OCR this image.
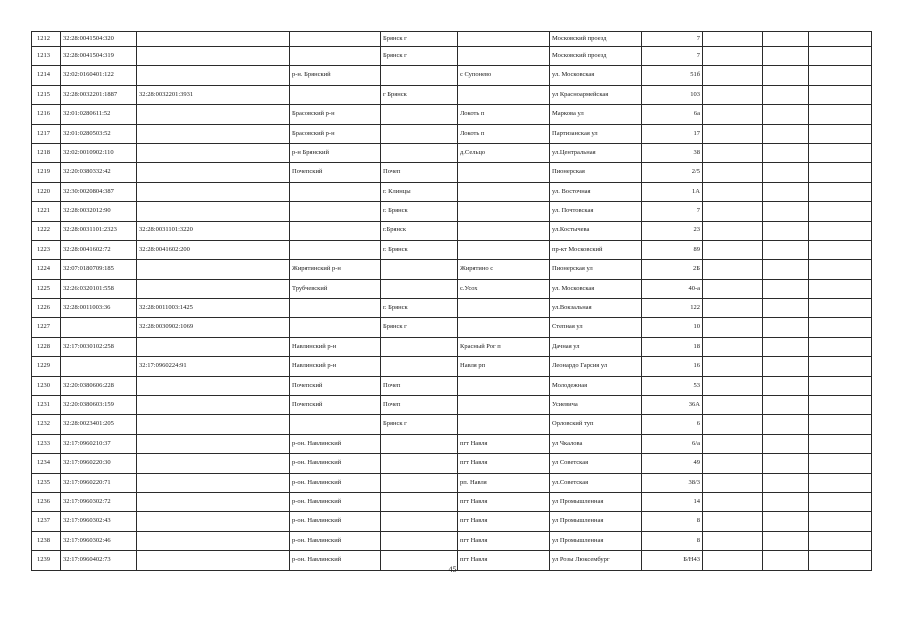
1212	32:28:0041504:320			Брянск г		Московский проезд	7			
1213	32:28:0041504:319			Брянск г		Московский проезд	7			
1214	32:02:0160401:122		р-н. Брянский		с Супонево	ул. Московская	51б			
1215	32:28:0032201:1887	32:28:0032201:3931		г Брянск		ул Красноармейская	103			
1216	32:01:0280611:52		Брасовский р-н		Локоть п	Маркова ул	6а			
1217	32:01:0280503:52		Брасовский р-н		Локоть п	Партизанская ул	17			
1218	32:02:0010902:110		р-н Брянский		д.Сельцо	ул.Центральная	38			
1219	32:20:0380332:42		Почепский	Почеп		Пионерская	2/5			
1220	32:30:0020804:387			г. Клинцы		ул. Восточная	1А			
1221	32:28:0032012:90			г. Брянск		ул. Почтовская	7			
1222	32:28:0031101:2323	32:28:0031101:3220		г.Брянск		ул.Костычева	23			
1223	32:28:0041602:72	32:28:0041602:200		г. Брянск		пр-кт Московский	89			
1224	32:07:0180709:185		Жирятинский р-н		Жирятино с	Пионерская ул	2Б			
1225	32:26:0320101:558		Трубчевский		с.Усох	ул. Московская	40-а			
1226	32:28:0011003:36	32:28:0011003:1425		г. Брянск		ул.Вокзальная	122			
1227		32:28:0030902:1069		Брянск г		Степная ул	10			
1228	32:17:0030102:258		Навлинский р-н		Красный Рог п	Дачная ул	18			
1229		32:17:0960224:91	Навлинский р-н		Навля рп	Леонардо Гарсия ул	16			
1230	32:20:0380606:228		Почепский	Почеп		Молодежная	53			
1231	32:20:0380603:159		Почепский	Почеп		Усиевича	36А			
1232	32:28:0023401:205			Брянск г		Орловский туп	6			
1233	32:17:0960210:37		р-он. Навлинский		пгт Навля	ул Чкалова	6/а			
1234	32:17:0960220:30		р-он. Навлинский		пгт Навля	ул Советская	49			
1235	32:17:0960220:71		р-он. Навлинский		рп. Навля	ул.Советская	38/3			
1236	32:17:0960302:72		р-он. Навлинский		пгт Навля	ул Промышленная	14			
1237	32:17:0960302:43		р-он. Навлинский		пгт Навля	ул Промышленная	8			
1238	32:17:0960302:46		р-он. Навлинский		пгт Навля	ул Промышленная	8			
1239	32:17:0960402:73		р-он. Навлинский		пгт Навля	ул Розы Люксембург	Б/Н43			
45
